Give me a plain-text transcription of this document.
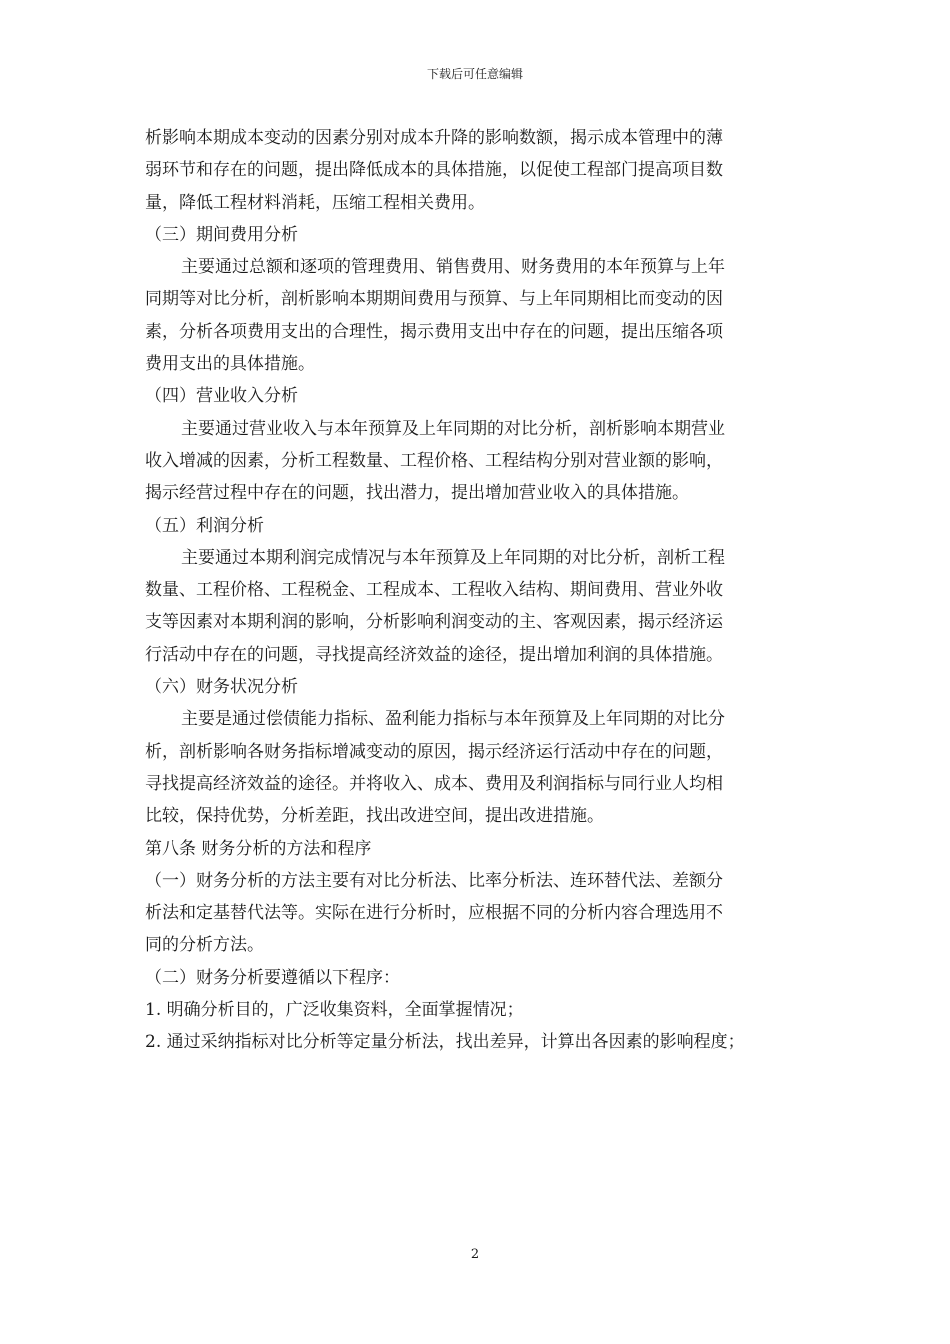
下载后可任意编辑
析影响本期成本变动的因素分别对成本升降的影响数额，揭示成本管理中的薄
弱环节和存在的问题，提出降低成本的具体措施，以促使工程部门提高项目数
量，降低工程材料消耗，压缩工程相关费用。
（三）期间费用分析
主要通过总额和逐项的管理费用、销售费用、财务费用的本年预算与上年
同期等对比分析，剖析影响本期期间费用与预算、与上年同期相比而变动的因
素，分析各项费用支出的合理性，揭示费用支出中存在的问题，提出压缩各项
费用支出的具体措施。
（四）营业收入分析
主要通过营业收入与本年预算及上年同期的对比分析，剖析影响本期营业
收入增减的因素，分析工程数量、工程价格、工程结构分别对营业额的影响，
揭示经营过程中存在的问题，找出潜力，提出增加营业收入的具体措施。
（五）利润分析
主要通过本期利润完成情况与本年预算及上年同期的对比分析，剖析工程
数量、工程价格、工程税金、工程成本、工程收入结构、期间费用、营业外收
支等因素对本期利润的影响，分析影响利润变动的主、客观因素，揭示经济运
行活动中存在的问题，寻找提高经济效益的途径，提出增加利润的具体措施。
（六）财务状况分析
主要是通过偿债能力指标、盈利能力指标与本年预算及上年同期的对比分
析，剖析影响各财务指标增减变动的原因，揭示经济运行活动中存在的问题，
寻找提高经济效益的途径。并将收入、成本、费用及利润指标与同行业人均相
比较，保持优势，分析差距，找出改进空间，提出改进措施。
第八条 财务分析的方法和程序
（一）财务分析的方法主要有对比分析法、比率分析法、连环替代法、差额分
析法和定基替代法等。实际在进行分析时，应根据不同的分析内容合理选用不
同的分析方法。
（二）财务分析要遵循以下程序：
1. 明确分析目的，广泛收集资料，全面掌握情况；
2. 通过采纳指标对比分析等定量分析法，找出差异，计算出各因素的影响程度；
2
